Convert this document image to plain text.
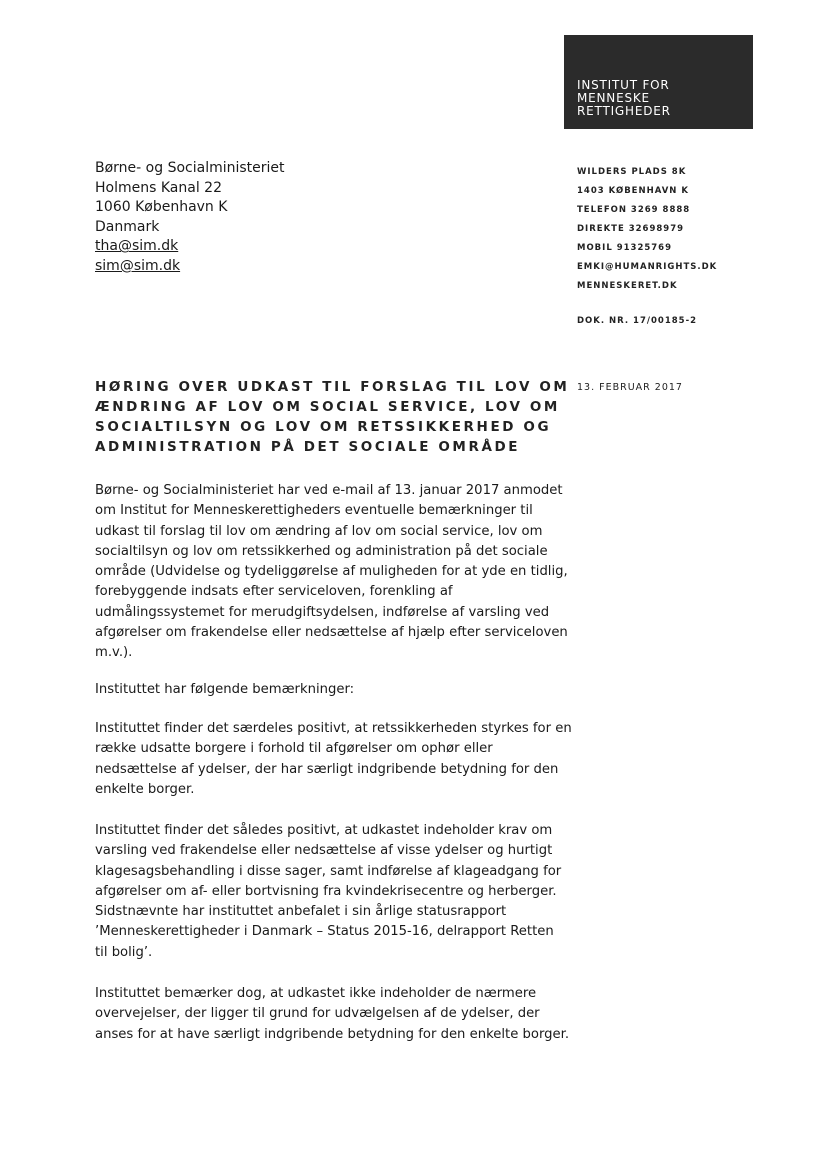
INSTITUT FOR
MENNESKE
RETTIGHEDER
Børne- og Socialministeriet
Holmens Kanal 22
1060 København K
Danmark
tha@sim.dk
sim@sim.dk
WILDERS PLADS 8K
1403 KØBENHAVN K
TELEFON 3269 8888
DIREKTE 32698979
MOBIL 91325769
EMKI@HUMANRIGHTS.DK
MENNESKERET.DK
DOK. NR. 17/00185-2
13. FEBRUAR 2017
HØRING OVER UDKAST TIL FORSLAG TIL LOV OM
ÆNDRING AF LOV OM SOCIAL SERVICE, LOV OM
SOCIALTILSYN OG LOV OM RETSSIKKERHED OG
ADMINISTRATION PÅ DET SOCIALE OMRÅDE
Børne- og Socialministeriet har ved e-mail af 13. januar 2017 anmodet
om Institut for Menneskerettigheders eventuelle bemærkninger til
udkast til forslag til lov om ændring af lov om social service, lov om
socialtilsyn og lov om retssikkerhed og administration på det sociale
område (Udvidelse og tydeliggørelse af muligheden for at yde en tidlig,
forebyggende indsats efter serviceloven, forenkling af
udmålingssystemet for merudgiftsydelsen, indførelse af varsling ved
afgørelser om frakendelse eller nedsættelse af hjælp efter serviceloven
m.v.).
Instituttet har følgende bemærkninger:
Instituttet finder det særdeles positivt, at retssikkerheden styrkes for en
række udsatte borgere i forhold til afgørelser om ophør eller
nedsættelse af ydelser, der har særligt indgribende betydning for den
enkelte borger.
Instituttet finder det således positivt, at udkastet indeholder krav om
varsling ved frakendelse eller nedsættelse af visse ydelser og hurtigt
klagesagsbehandling i disse sager, samt indførelse af klageadgang for
afgørelser om af- eller bortvisning fra kvindekrisecentre og herberger.
Sidstnævnte har instituttet anbefalet i sin årlige statusrapport
’Menneskerettigheder i Danmark – Status 2015-16, delrapport Retten
til bolig’.
Instituttet bemærker dog, at udkastet ikke indeholder de nærmere
overvejelser, der ligger til grund for udvælgelsen af de ydelser, der
anses for at have særligt indgribende betydning for den enkelte borger.
